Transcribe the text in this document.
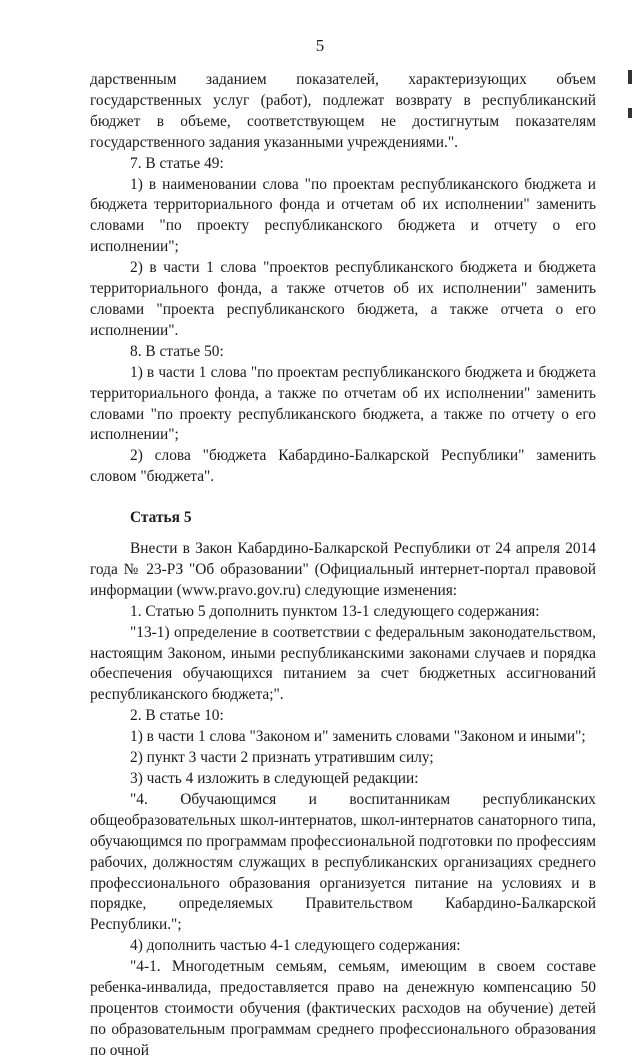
5

дарственным заданием показателей, характеризующих объем государственных услуг (работ), подлежат возврату в республиканский бюджет в объеме, соответствующем не достигнутым показателям государственного задания указанными учреждениями.".

7. В статье 49:

1) в наименовании слова "по проектам республиканского бюджета и бюджета территориального фонда и отчетам об их исполнении" заменить словами "по проекту республиканского бюджета и отчету о его исполнении";

2) в части 1 слова "проектов республиканского бюджета и бюджета территориального фонда, а также отчетов об их исполнении" заменить словами "проекта республиканского бюджета, а также отчета о его исполнении".

8. В статье 50:

1) в части 1 слова "по проектам республиканского бюджета и бюджета территориального фонда, а также по отчетам об их исполнении" заменить словами "по проекту республиканского бюджета, а также по отчету о его исполнении";

2) слова "бюджета Кабардино-Балкарской Республики" заменить словом "бюджета".

Статья 5

Внести в Закон Кабардино-Балкарской Республики от 24 апреля 2014 года № 23-РЗ "Об образовании" (Официальный интернет-портал правовой информации (www.pravo.gov.ru) следующие изменения:

1. Статью 5 дополнить пунктом 13-1 следующего содержания:

"13-1) определение в соответствии с федеральным законодательством, настоящим Законом, иными республиканскими законами случаев и порядка обеспечения обучающихся питанием за счет бюджетных ассигнований республиканского бюджета;".

2. В статье 10:

1) в части 1 слова "Законом и" заменить словами "Законом и иными";

2) пункт 3 части 2 признать утратившим силу;

3) часть 4 изложить в следующей редакции:

"4. Обучающимся и воспитанникам республиканских общеобразовательных школ-интернатов, школ-интернатов санаторного типа, обучающимся по программам профессиональной подготовки по профессиям рабочих, должностям служащих в республиканских организациях среднего профессионального образования организуется питание на условиях и в порядке, определяемых Правительством Кабардино-Балкарской Республики.";

4) дополнить частью 4-1 следующего содержания:

"4-1. Многодетным семьям, семьям, имеющим в своем составе ребенка-инвалида, предоставляется право на денежную компенсацию 50 процентов стоимости обучения (фактических расходов на обучение) детей по образовательным программам среднего профессионального образования по очной
